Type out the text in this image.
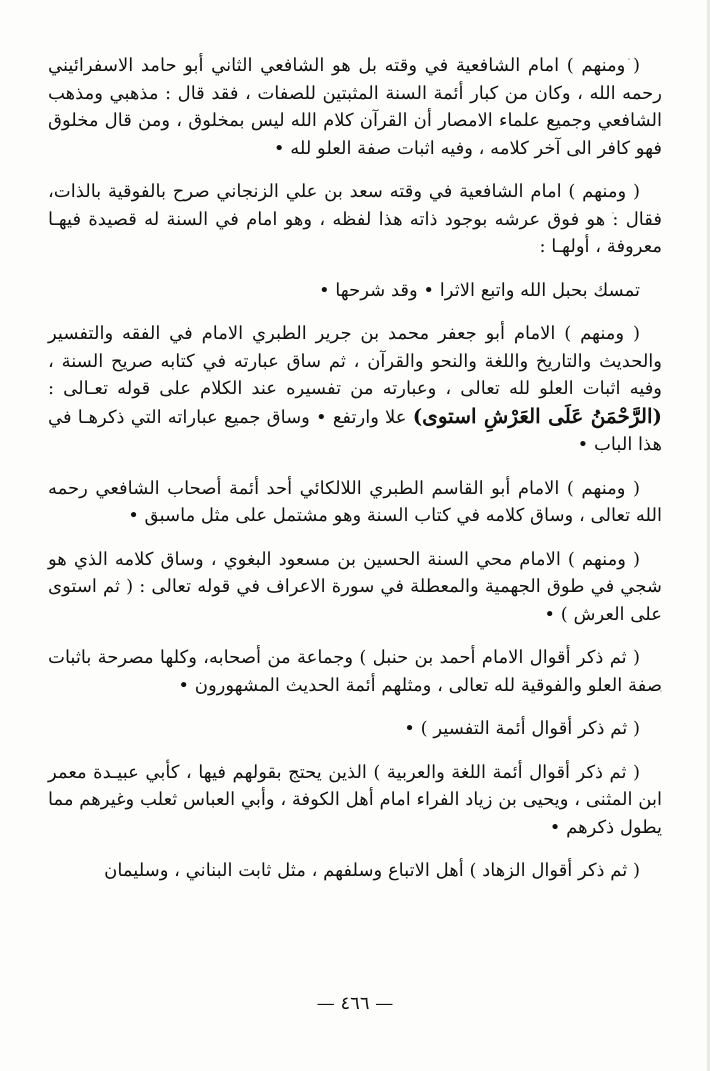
( ومنهم ) امام الشافعية في وقته بل هو الشافعي الثاني أبو حامد الاسفرائيني رحمه الله ، وكان من كبار أئمة السنة المثبتين للصفات ، فقد قال : مذهبي ومذهب الشافعي وجميع علماء الامصار أن القرآن كلام الله ليس بمخلوق ، ومن قال مخلوق فهو كافر الى آخر كلامه ، وفيه اثبات صفة العلو لله •

( ومنهم ) امام الشافعية في وقته سعد بن علي الزنجاني صرح بالفوقية بالذات، فقال : هو فوق عرشه بوجود ذاته هذا لفظه ، وهو امام في السنة له قصيدة فيهـا معروفة ، أولهـا :

تمسك بحبل الله واتبع الاثرا • وقد شرحها •

( ومنهم ) الامام أبو جعفر محمد بن جرير الطبري الامام في الفقه والتفسير والحديث والتاريخ واللغة والنحو والقرآن ، ثم ساق عبارته في كتابه صريح السنة ، وفيه اثبات العلو لله تعالى ، وعبارته من تفسيره عند الكلام على قوله تعـالى : (الرَّحْمَنُ عَلَى العَرْشِ استوى) علا وارتفع • وساق جميع عباراته التي ذكرهـا في هذا الباب •

( ومنهم ) الامام أبو القاسم الطبري اللالكائي أحد أئمة أصحاب الشافعي رحمه الله تعالى ، وساق كلامه في كتاب السنة وهو مشتمل على مثل ماسبق •

( ومنهم ) الامام محي السنة الحسين بن مسعود البغوي ، وساق كلامه الذي هو شجي في طوق الجهمية والمعطلة في سورة الاعراف في قوله تعالى : ( ثم استوى على العرش ) •

( ثم ذكر أقوال الامام أحمد بن حنبل ) وجماعة من أصحابه، وكلها مصرحة باثبات صفة العلو والفوقية لله تعالى ، ومثلهم أئمة الحديث المشهورون •

( ثم ذكر أقوال أئمة التفسير ) •

( ثم ذكر أقوال أئمة اللغة والعربية ) الذين يحتج بقولهم فيها ، كأبي عبيـدة معمر ابن المثنى ، ويحيى بن زياد الفراء امام أهل الكوفة ، وأبي العباس ثعلب وغيرهم مما يطول ذكرهم •

( ثم ذكر أقوال الزهاد ) أهل الاتباع وسلفهم ، مثل ثابت البناني ، وسليمان

— ٤٦٦ —
